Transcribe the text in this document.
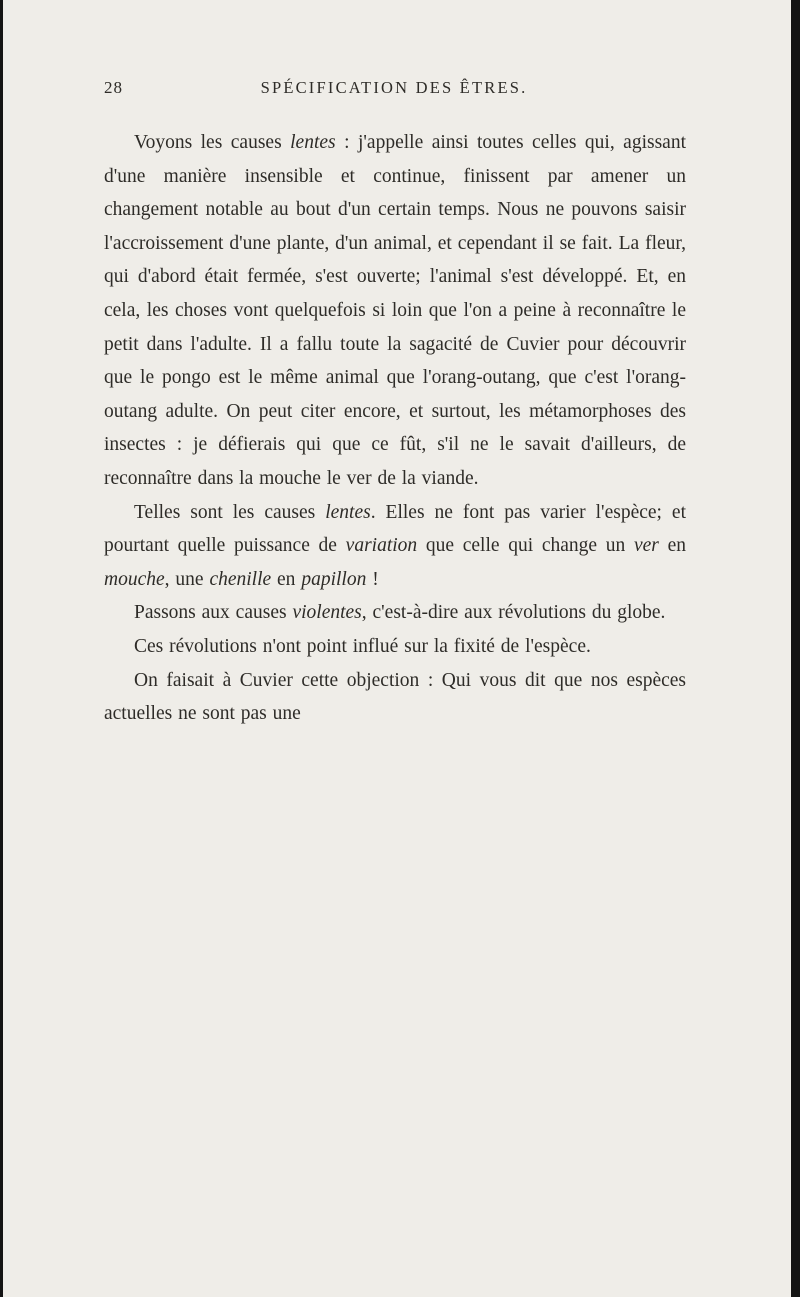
28	SPÉCIFICATION DES ÊTRES.

Voyons les causes lentes : j'appelle ainsi toutes celles qui, agissant d'une manière insensible et continue, finissent par amener un changement notable au bout d'un certain temps. Nous ne pouvons saisir l'accroissement d'une plante, d'un animal, et cependant il se fait. La fleur, qui d'abord était fermée, s'est ouverte; l'animal s'est développé. Et, en cela, les choses vont quelquefois si loin que l'on a peine à reconnaître le petit dans l'adulte. Il a fallu toute la sagacité de Cuvier pour découvrir que le pongo est le même animal que l'orang-outang, que c'est l'orang-outang adulte. On peut citer encore, et surtout, les métamorphoses des insectes : je défierais qui que ce fût, s'il ne le savait d'ailleurs, de reconnaître dans la mouche le ver de la viande.

Telles sont les causes lentes. Elles ne font pas varier l'espèce; et pourtant quelle puissance de variation que celle qui change un ver en mouche, une chenille en papillon !

Passons aux causes violentes, c'est-à-dire aux révolutions du globe.

Ces révolutions n'ont point influé sur la fixité de l'espèce.

On faisait à Cuvier cette objection : Qui vous dit que nos espèces actuelles ne sont pas une
